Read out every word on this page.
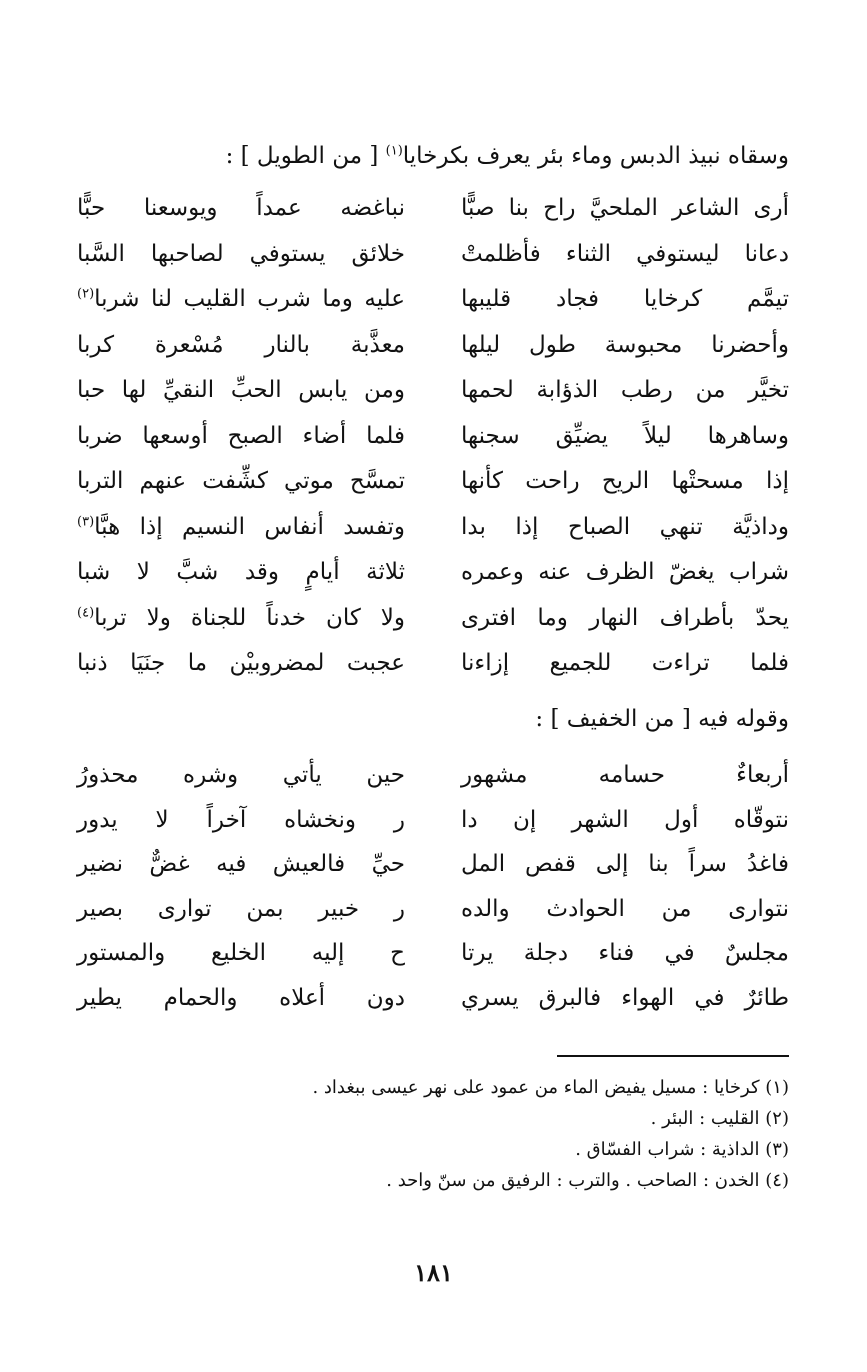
وسقاه نبيذ الدبس وماء بئر يعرف بكرخايا$^{(١)}$ [ من الطويل ] :
أرى الشاعر الملحيَّ راح بنا صبًّا
نباغضه عمداً ويوسعنا حبًّا
دعانا ليستوفي الثناء فأظلمتْ
خلائق يستوفي لصاحبها السَّبا
تيمَّم كرخايا فجاد قليبها
عليه وما شرب القليب لنا شربا$^{(٢)}$
وأحضرنا محبوسة طول ليلها
معذَّبة بالنار مُسْعرة كربا
تخيَّر من رطب الذؤابة لحمها
ومن يابس الحبِّ النقيِّ لها حبا
وساهرها ليلاً يضيِّق سجنها
فلما أضاء الصبح أوسعها ضربا
إذا مسحتْها الريح راحت كأنها
تمسَّح موتي كشِّفت عنهم التربا
وداذيَّة تنهي الصباح إذا بدا
وتفسد أنفاس النسيم إذا هبَّا$^{(٣)}$
شراب يغضّ الظرف عنه وعمره
ثلاثة أيامٍ وقد شبَّ لا شبا
يحدّ بأطراف النهار وما افترى
ولا كان خدناً للجناة ولا تربا$^{(٤)}$
فلما تراءت للجميع إزاءنا
عجبت لمضروبيْن ما جنَيَا ذنبا
وقوله فيه [ من الخفيف ] :
أربعاءٌ حسامه مشهور
حين يأتي وشره محذورُ
نتوقّاه أول الشهر إن دا
ر ونخشاه آخراً لا يدور
فاغدُ سراً بنا إلى قفص المل
حيِّ فالعيش فيه غضٌّ نضير
نتوارى من الحوادث والده
ر خبير بمن توارى بصير
مجلسٌ في فناء دجلة يرتا
ح إليه الخليع والمستور
طائرٌ في الهواء فالبرق يسري
دون أعلاه والحمام يطير
(١) كرخايا : مسيل يفيض الماء من عمود على نهر عيسى ببغداد .
(٢) القليب : البئر .
(٣) الداذية : شراب الفسّاق .
(٤) الخدن : الصاحب . والترب : الرفيق من سنّ واحد .
١٨١
